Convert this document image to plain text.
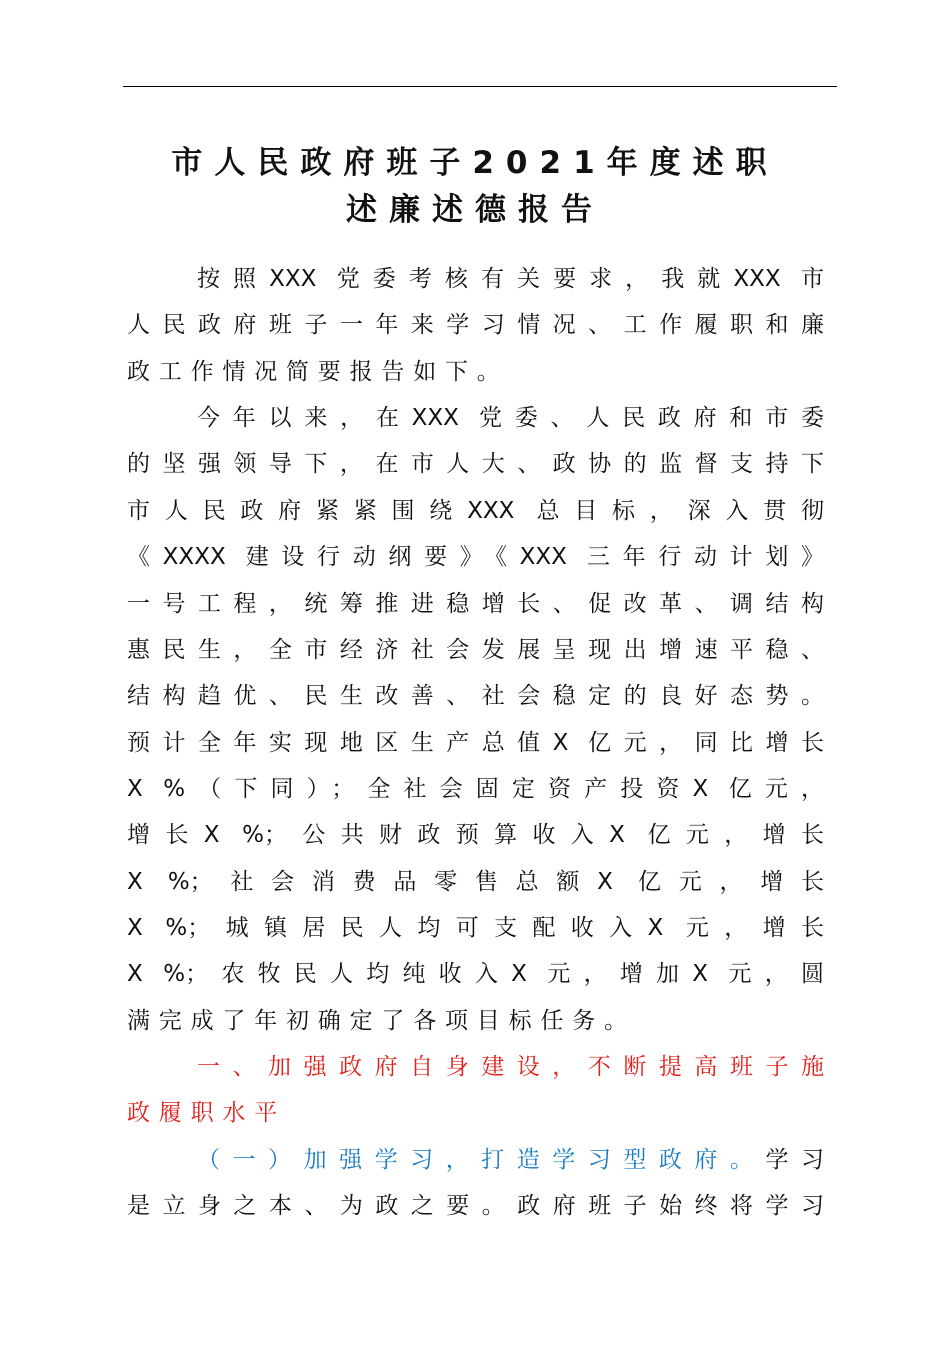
市人民政府班子2021年度述职
述廉述德报告
按照XXX 党委考核有关要求，我就XXX 市
人民政府班子一年来学习情况、工作履职和廉
政工作情况简要报告如下。
今年以来，在XXX 党委、人民政府和市委
的坚强领导下，在市人大、政协的监督支持下
市人民政府紧紧围绕XXX 总目标，深入贯彻
《XXXX 建设行动纲要》《XXX 三年行动计划》
一号工程，统筹推进稳增长、促改革、调结构
惠民生，全市经济社会发展呈现出增速平稳、
结构趋优、民生改善、社会稳定的良好态势。
预计全年实现地区生产总值X 亿元，同比增长
X %（下同）；全社会固定资产投资X 亿元，
增长X %；公共财政预算收入X 亿元，增长
X %；社会消费品零售总额X 亿元，增长
X %；城镇居民人均可支配收入X 元，增长
X %；农牧民人均纯收入X 元，增加X 元，圆
满完成了年初确定了各项目标任务。
一、加强政府自身建设，不断提高班子施
政履职水平
（一）加强学习，打造学习型政府。学习
是立身之本、为政之要。政府班子始终将学习
